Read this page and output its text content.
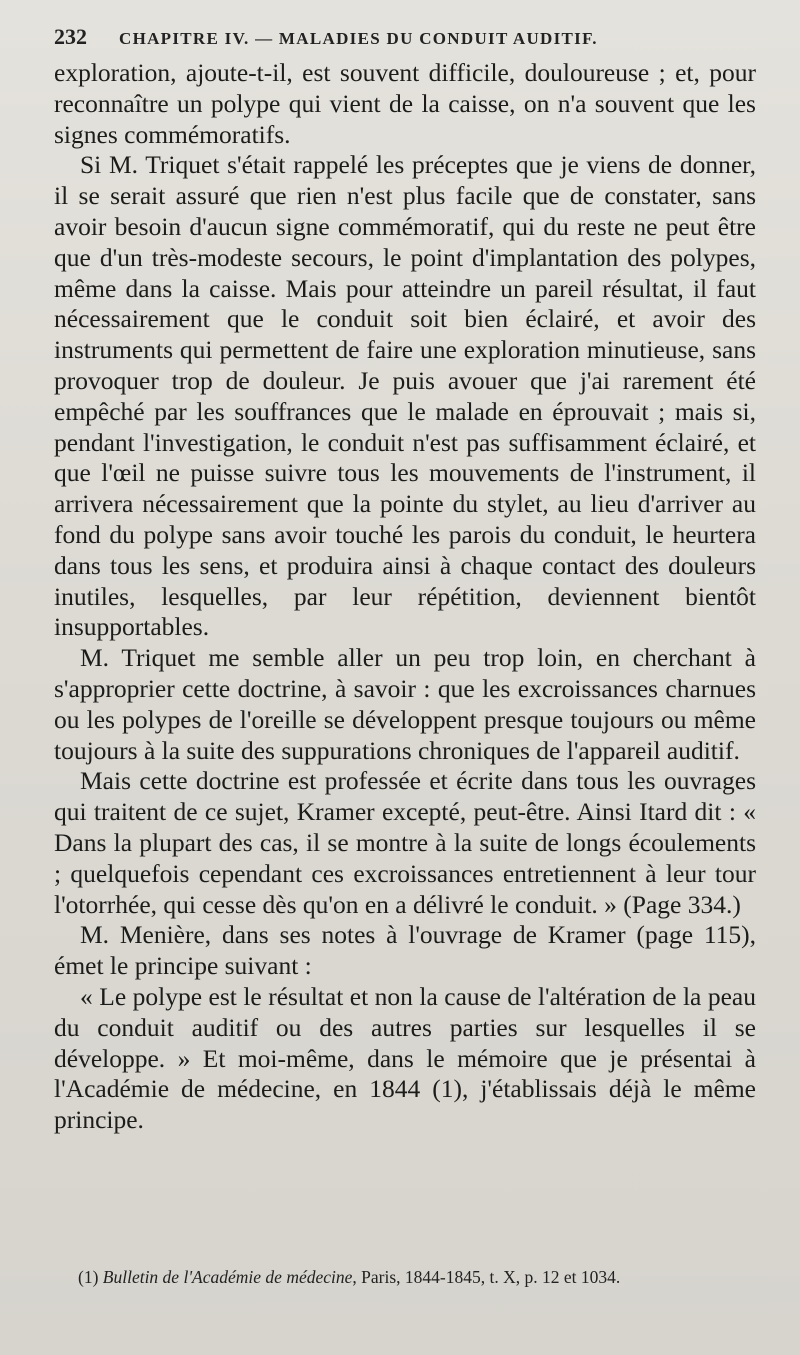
232 CHAPITRE IV. — MALADIES DU CONDUIT AUDITIF.

exploration, ajoute-t-il, est souvent difficile, douloureuse ; et, pour reconnaître un polype qui vient de la caisse, on n'a souvent que les signes commémoratifs.

Si M. Triquet s'était rappelé les préceptes que je viens de donner, il se serait assuré que rien n'est plus facile que de constater, sans avoir besoin d'aucun signe commémoratif, qui du reste ne peut être que d'un très-modeste secours, le point d'implantation des polypes, même dans la caisse. Mais pour atteindre un pareil résultat, il faut nécessairement que le conduit soit bien éclairé, et avoir des instruments qui permettent de faire une exploration minutieuse, sans provoquer trop de douleur. Je puis avouer que j'ai rarement été empêché par les souffrances que le malade en éprouvait ; mais si, pendant l'investigation, le conduit n'est pas suffisamment éclairé, et que l'œil ne puisse suivre tous les mouvements de l'instrument, il arrivera nécessairement que la pointe du stylet, au lieu d'arriver au fond du polype sans avoir touché les parois du conduit, le heurtera dans tous les sens, et produira ainsi à chaque contact des douleurs inutiles, lesquelles, par leur répétition, deviennent bientôt insupportables.

M. Triquet me semble aller un peu trop loin, en cherchant à s'approprier cette doctrine, à savoir : que les excroissances charnues ou les polypes de l'oreille se développent presque toujours ou même toujours à la suite des suppurations chroniques de l'appareil auditif.

Mais cette doctrine est professée et écrite dans tous les ouvrages qui traitent de ce sujet, Kramer excepté, peut-être. Ainsi Itard dit : « Dans la plupart des cas, il se montre à la suite de longs écoulements ; quelquefois cependant ces excroissances entretiennent à leur tour l'otorrhée, qui cesse dès qu'on en a délivré le conduit. » (Page 334.)

M. Menière, dans ses notes à l'ouvrage de Kramer (page 115), émet le principe suivant :

« Le polype est le résultat et non la cause de l'altération de la peau du conduit auditif ou des autres parties sur lesquelles il se développe. » Et moi-même, dans le mémoire que je présentai à l'Académie de médecine, en 1844 (1), j'établissais déjà le même principe.

(1) Bulletin de l'Académie de médecine, Paris, 1844-1845, t. X, p. 12 et 1034.
